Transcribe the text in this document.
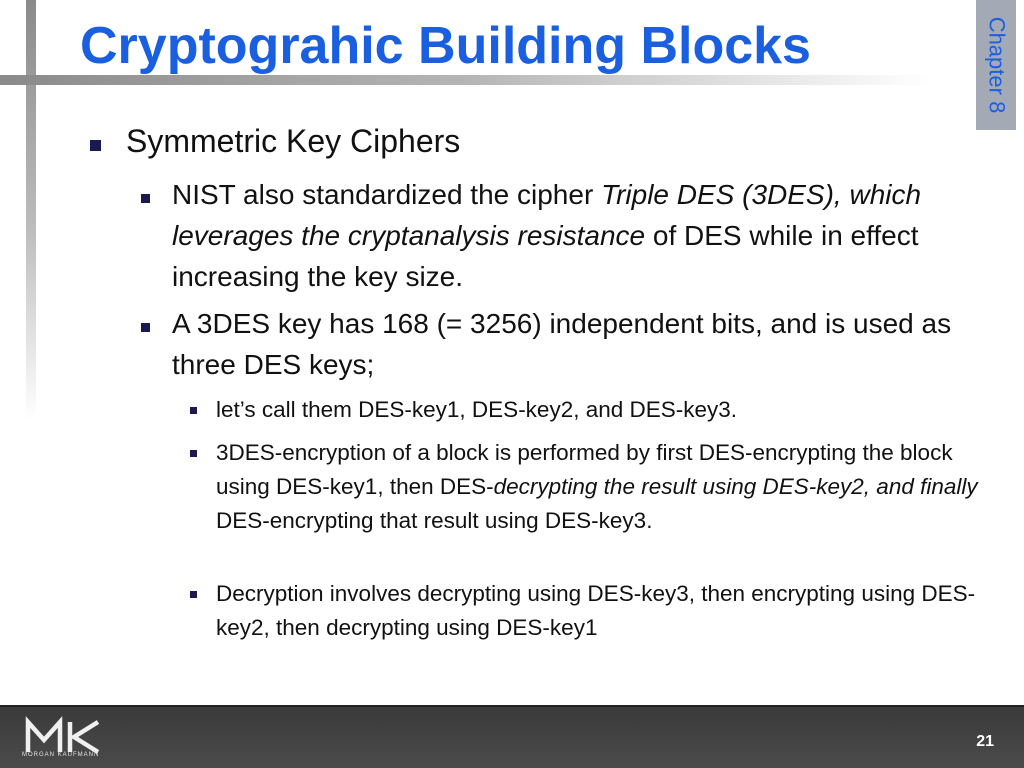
Cryptograhic Building Blocks	Chapter 8
Symmetric Key Ciphers
NIST also standardized the cipher Triple DES (3DES), which leverages the cryptanalysis resistance of DES while in effect increasing the key size.
A 3DES key has 168 (= 3256) independent bits, and is used as three DES keys;
let’s call them DES-key1, DES-key2, and DES-key3.
3DES-encryption of a block is performed by first DES-encrypting the block using DES-key1, then DES-decrypting the result using DES-key2, and finally DES-encrypting that result using DES-key3.
Decryption involves decrypting using DES-key3, then encrypting using DES-key2, then decrypting using DES-key1
MORGAN KAUFMANN
21
